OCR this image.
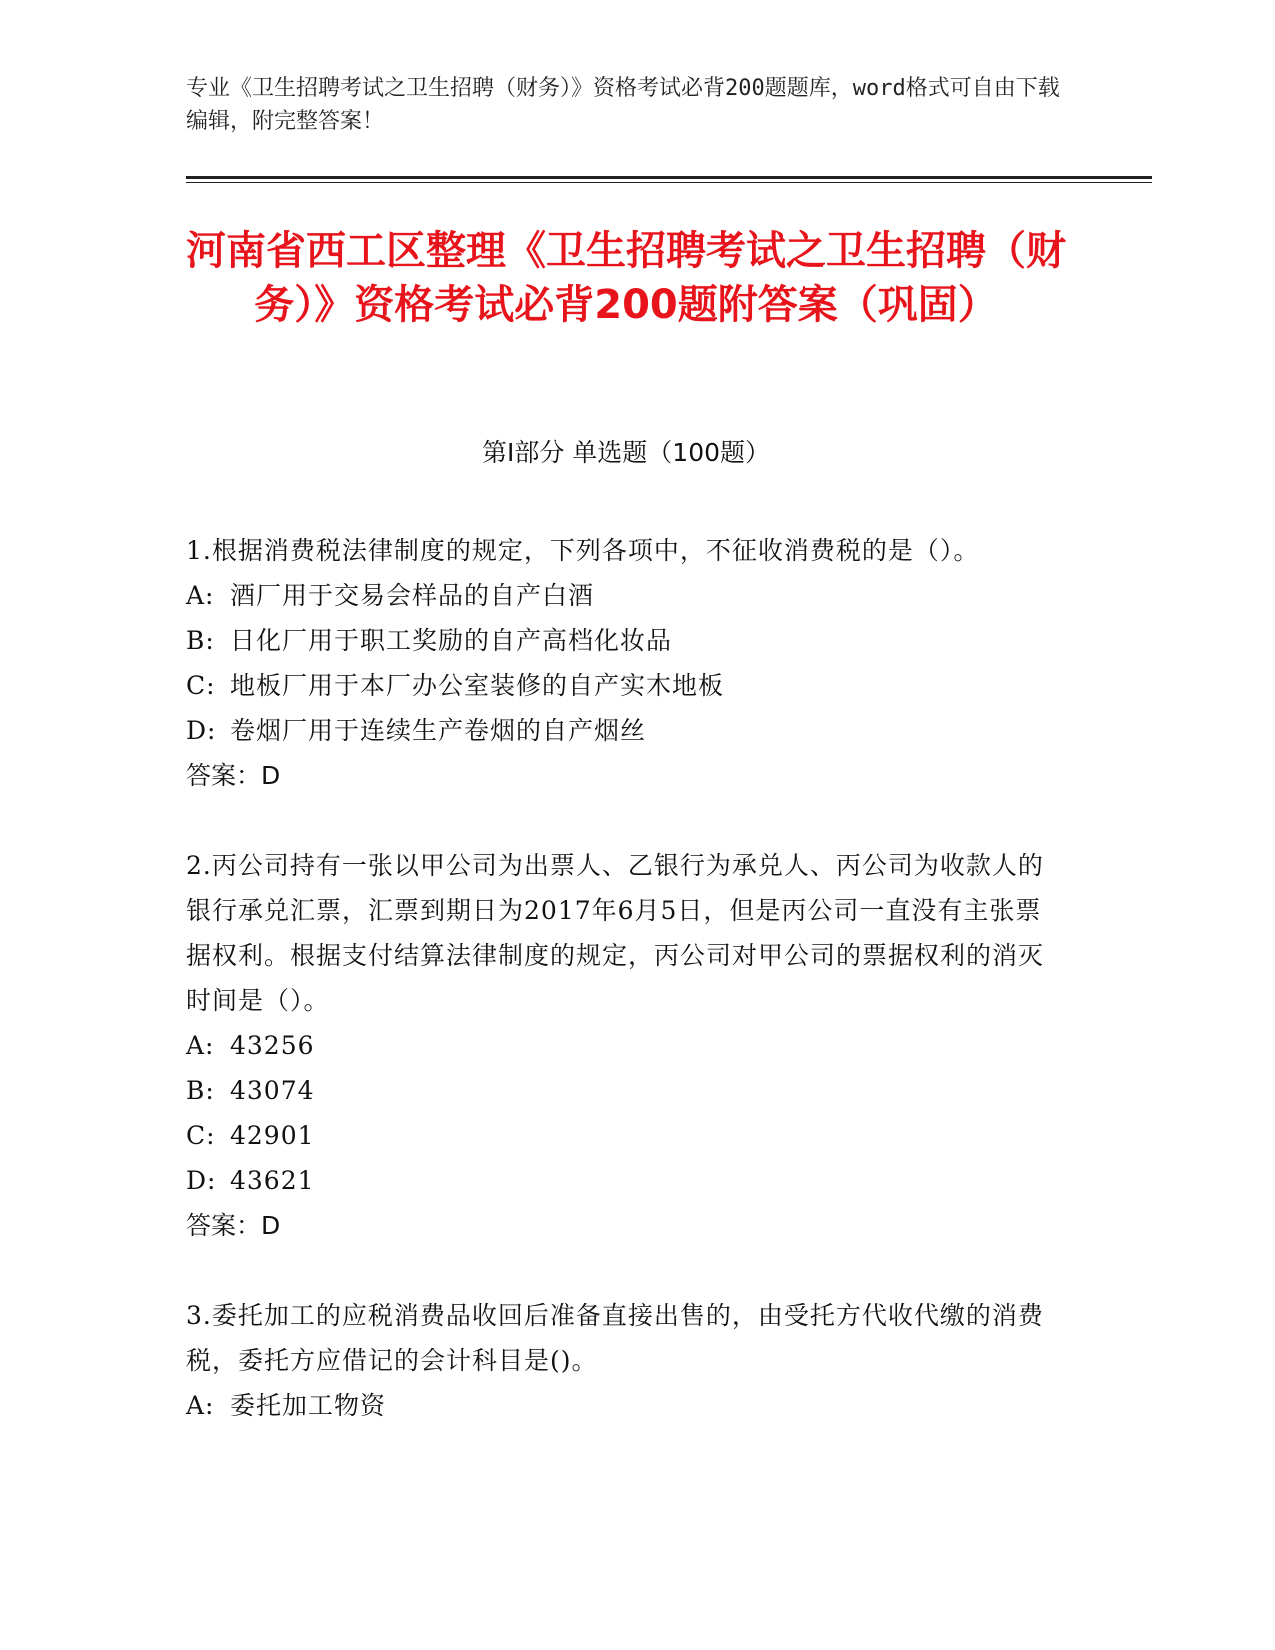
专业《卫生招聘考试之卫生招聘（财务）》资格考试必背200题题库，word格式可自由下载编辑，附完整答案！
河南省西工区整理《卫生招聘考试之卫生招聘（财务）》资格考试必背200题附答案（巩固）
第Ⅰ部分 单选题（100题）
1.根据消费税法律制度的规定，下列各项中，不征收消费税的是（）。
A: 酒厂用于交易会样品的自产白酒
B: 日化厂用于职工奖励的自产高档化妆品
C: 地板厂用于本厂办公室装修的自产实木地板
D: 卷烟厂用于连续生产卷烟的自产烟丝
答案：D
2.丙公司持有一张以甲公司为出票人、乙银行为承兑人、丙公司为收款人的银行承兑汇票，汇票到期日为2017年6月5日，但是丙公司一直没有主张票据权利。根据支付结算法律制度的规定，丙公司对甲公司的票据权利的消灭时间是（）。
A: 43256
B: 43074
C: 42901
D: 43621
答案：D
3.委托加工的应税消费品收回后准备直接出售的，由受托方代收代缴的消费税，委托方应借记的会计科目是()。
A: 委托加工物资
